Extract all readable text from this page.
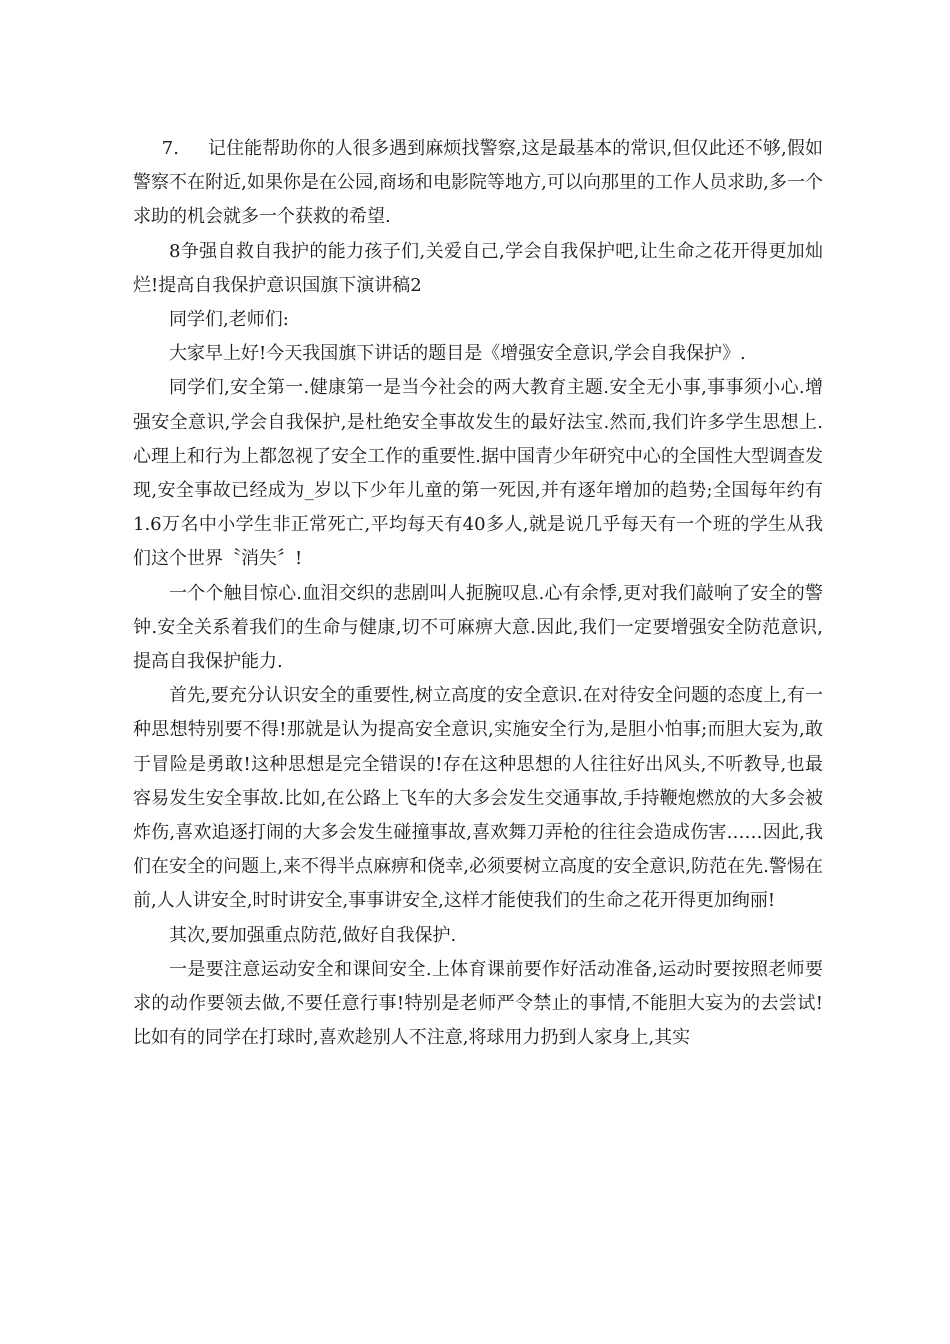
7. 记住能帮助你的人很多遇到麻烦找警察,这是最基本的常识,但仅此还不够,假如警察不在附近,如果你是在公园,商场和电影院等地方,可以向那里的工作人员求助,多一个求助的机会就多一个获救的希望.

8争强自救自我护的能力孩子们,关爱自己,学会自我保护吧,让生命之花开得更加灿烂!提高自我保护意识国旗下演讲稿2

同学们,老师们:

大家早上好!今天我国旗下讲话的题目是《增强安全意识,学会自我保护》.

同学们,安全第一.健康第一是当今社会的两大教育主题.安全无小事,事事须小心.增强安全意识,学会自我保护,是杜绝安全事故发生的最好法宝.然而,我们许多学生思想上.心理上和行为上都忽视了安全工作的重要性.据中国青少年研究中心的全国性大型调查发现,安全事故已经成为_岁以下少年儿童的第一死因,并有逐年增加的趋势;全国每年约有1.6万名中小学生非正常死亡,平均每天有40多人,就是说几乎每天有一个班的学生从我们这个世界〝消失〞!

一个个触目惊心.血泪交织的悲剧叫人扼腕叹息.心有余悸,更对我们敲响了安全的警钟.安全关系着我们的生命与健康,切不可麻痹大意.因此,我们一定要增强安全防范意识,提高自我保护能力.

首先,要充分认识安全的重要性,树立高度的安全意识.在对待安全问题的态度上,有一种思想特别要不得!那就是认为提高安全意识,实施安全行为,是胆小怕事;而胆大妄为,敢于冒险是勇敢!这种思想是完全错误的!存在这种思想的人往往好出风头,不听教导,也最容易发生安全事故.比如,在公路上飞车的大多会发生交通事故,手持鞭炮燃放的大多会被炸伤,喜欢追逐打闹的大多会发生碰撞事故,喜欢舞刀弄枪的往往会造成伤害……因此,我们在安全的问题上,来不得半点麻痹和侥幸,必须要树立高度的安全意识,防范在先.警惕在前,人人讲安全,时时讲安全,事事讲安全,这样才能使我们的生命之花开得更加绚丽!

其次,要加强重点防范,做好自我保护.

一是要注意运动安全和课间安全.上体育课前要作好活动准备,运动时要按照老师要求的动作要领去做,不要任意行事!特别是老师严令禁止的事情,不能胆大妄为的去尝试!比如有的同学在打球时,喜欢趁别人不注意,将球用力扔到人家身上,其实
